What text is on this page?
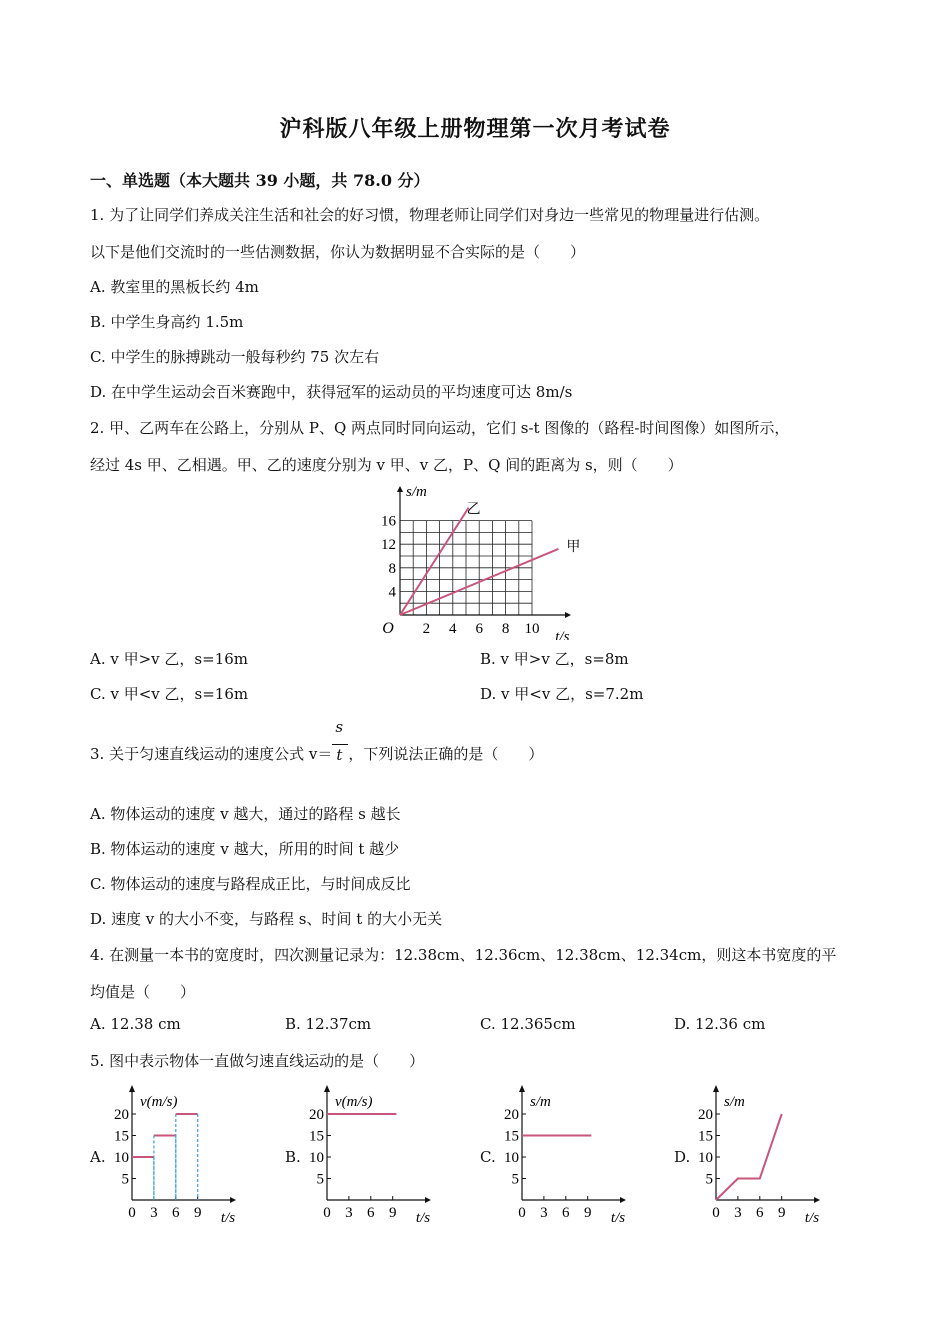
沪科版八年级上册物理第一次月考试卷
一、单选题（本大题共 39 小题，共 78.0 分）
1. 为了让同学们养成关注生活和社会的好习惯，物理老师让同学们对身边一些常见的物理量进行估测。
以下是他们交流时的一些估测数据，你认为数据明显不合实际的是（　　）
A. 教室里的黑板长约 4m
B. 中学生身高约 1.5m
C. 中学生的脉搏跳动一般每秒约 75 次左右
D. 在中学生运动会百米赛跑中，获得冠军的运动员的平均速度可达 8m/s
2. 甲、乙两车在公路上，分别从 P、Q 两点同时同向运动，它们 s-t 图像的（路程-时间图像）如图所示，
经过 4s 甲、乙相遇。甲、乙的速度分别为 v 甲、v 乙，P、Q 间的距离为 s，则（　　）
2 4 6 8 10
4
8
12
16
O	t/s
s/m
乙
甲
A. v 甲>v 乙，s=16m	B. v 甲>v 乙，s=8m
C. v 甲<v 乙，s=16m	D. v 甲<v 乙，s=7.2m
3. 关于匀速直线运动的速度公式 $v= \frac{s}{t}$ ，下列说法正确的是（　　）
A. 物体运动的速度 v 越大，通过的路程 s 越长
B. 物体运动的速度 v 越大，所用的时间 t 越少
C. 物体运动的速度与路程成正比，与时间成反比
D. 速度 v 的大小不变，与路程 s、时间 t 的大小无关
4. 在测量一本书的宽度时，四次测量记录为：12.38cm、12.36cm、12.38cm、12.34cm，则这本书宽度的平
均值是（　　）
A. 12.38 cm	B. 12.37cm	C. 12.365cm	D. 12.36 cm
5. 图中表示物体一直做匀速直线运动的是（　　）
A.	B.	C.	D.
0 3 6 9
5
10
15
20
t/s
v(m/s)
0 3 6 9
5
10
15
20
t/s
v(m/s)
0 3 6 9
5
10
15
20
t/s
s/m
0 3 6 9
5
10
15
20
t/s
s/m
